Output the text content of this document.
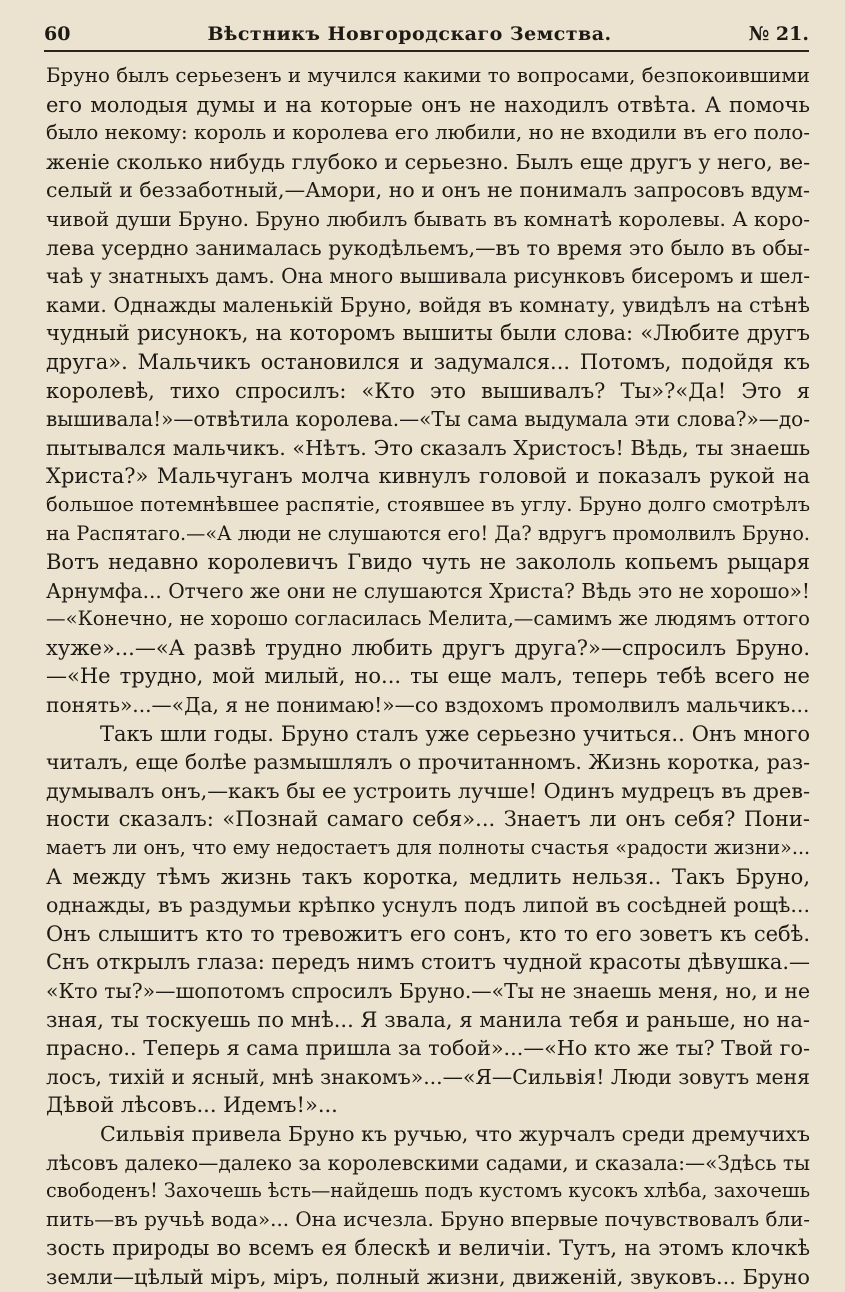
60	Вѣстникъ Новгородскаго Земства.	№ 21.
Бруно былъ серьезенъ и мучился какими то вопросами, безпокоившими
его молодыя думы и на которые онъ не находилъ отвѣта. А помочь
было некому: король и королева его любили, но не входили въ его поло-
женіе сколько нибудь глубоко и серьезно. Былъ еще другъ у него, ве-
селый и беззаботный,—Амори, но и онъ не понималъ запросовъ вдум-
чивой души Бруно. Бруно любилъ бывать въ комнатѣ королевы. А коро-
лева усердно занималась рукодѣльемъ,—въ то время это было въ обы-
чаѣ у знатныхъ дамъ. Она много вышивала рисунковъ бисеромъ и шел-
ками. Однажды маленькій Бруно, войдя въ комнату, увидѣлъ на стѣнѣ
чудный рисунокъ, на которомъ вышиты были слова: «Любите другъ
друга». Мальчикъ остановился и задумался... Потомъ, подойдя къ
королевѣ, тихо спросилъ: «Кто это вышивалъ? Ты»?«Да! Это я
вышивала!»—отвѣтила королева.—«Ты сама выдумала эти слова?»—до-
пытывался мальчикъ. «Нѣтъ. Это сказалъ Христосъ! Вѣдь, ты знаешь
Христа?» Мальчуганъ молча кивнулъ головой и показалъ рукой на
большое потемнѣвшее распятіе, стоявшее въ углу. Бруно долго смотрѣлъ
на Распятаго.—«А люди не слушаются его! Да? вдругъ промолвилъ Бруно.
Вотъ недавно королевичъ Гвидо чуть не закололь копьемъ рыцаря
Арнумфа... Отчего же они не слушаются Христа? Вѣдь это не хорошо»!
—«Конечно, не хорошо согласилась Мелита,—самимъ же людямъ оттого
хуже»...—«А развѣ трудно любить другъ друга?»—спросилъ Бруно.
—«Не трудно, мой милый, но... ты еще малъ, теперь тебѣ всего не
понять»...—«Да, я не понимаю!»—со вздохомъ промолвилъ мальчикъ...
Такъ шли годы. Бруно сталъ уже серьезно учиться.. Онъ много
читалъ, еще болѣе размышлялъ о прочитанномъ. Жизнь коротка, раз-
думывалъ онъ,—какъ бы ее устроить лучше! Одинъ мудрецъ въ древ-
ности сказалъ: «Познай самаго себя»... Знаетъ ли онъ себя? Пони-
маетъ ли онъ, что ему недостаетъ для полноты счастья «радости жизни»...
А между тѣмъ жизнь такъ коротка, медлить нельзя.. Такъ Бруно,
однажды, въ раздумьи крѣпко уснулъ подъ липой въ сосѣдней рощѣ...
Онъ слышитъ кто то тревожитъ его сонъ, кто то его зоветъ къ себѣ.
Снъ открылъ глаза: передъ нимъ стоитъ чудной красоты дѣвушка.—
«Кто ты?»—шопотомъ спросилъ Бруно.—«Ты не знаешь меня, но, и не
зная, ты тоскуешь по мнѣ... Я звала, я манила тебя и раньше, но на-
прасно.. Теперь я сама пришла за тобой»...—«Но кто же ты? Твой го-
лосъ, тихій и ясный, мнѣ знакомъ»...—«Я—Сильвія! Люди зовутъ меня
Дѣвой лѣсовъ... Идемъ!»...
Сильвія привела Бруно къ ручью, что журчалъ среди дремучихъ
лѣсовъ далеко—далеко за королевскими садами, и сказала:—«Здѣсь ты
свободенъ! Захочешь ѣсть—найдешь подъ кустомъ кусокъ хлѣба, захочешь
пить—въ ручьѣ вода»... Она исчезла. Бруно впервые почувствовалъ бли-
зость природы во всемъ ея блескѣ и величіи. Тутъ, на этомъ клочкѣ
земли—цѣлый міръ, міръ, полный жизни, движеній, звуковъ... Бруно
